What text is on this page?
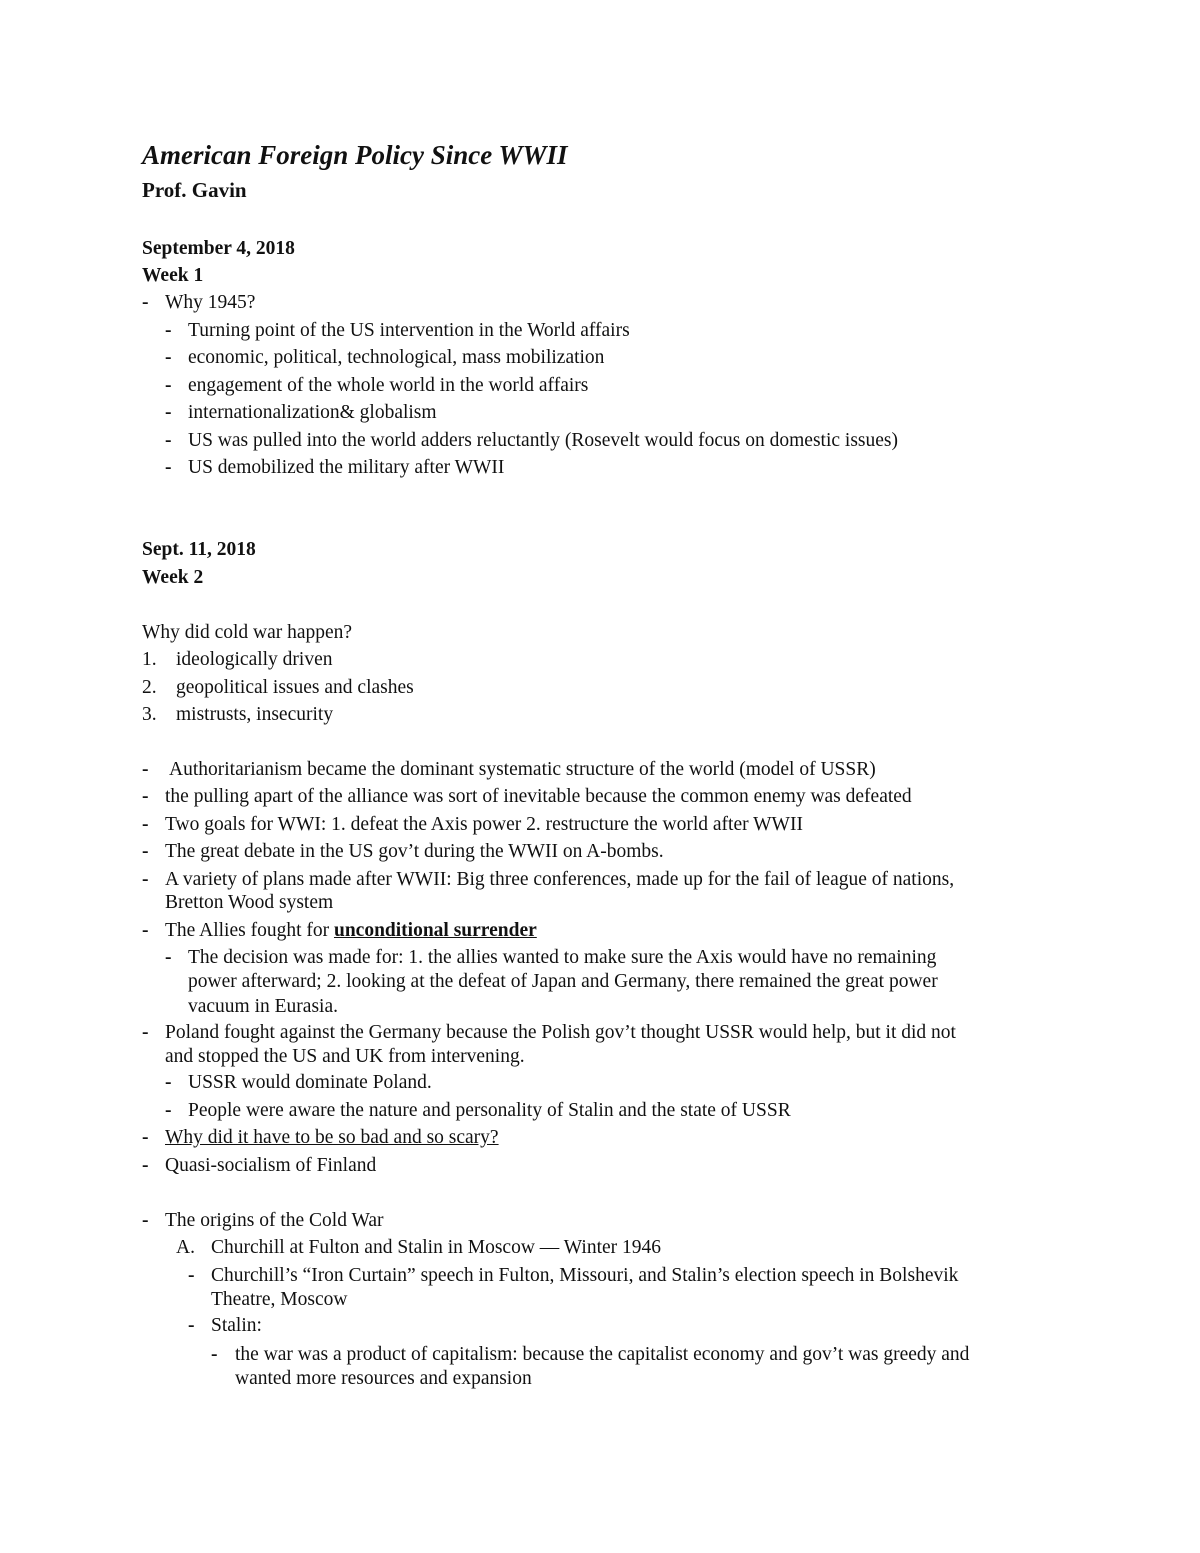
American Foreign Policy Since WWII
Prof. Gavin
September 4, 2018
Week 1
- Why 1945?
- Turning point of the US intervention in the World affairs
- economic, political, technological, mass mobilization
- engagement of the whole world in the world affairs
- internationalization& globalism
- US was pulled into the world adders reluctantly (Rosevelt would focus on domestic issues)
- US demobilized the military after WWII
Sept. 11, 2018
Week 2
Why did cold war happen?
1. ideologically driven
2. geopolitical issues and clashes
3. mistrusts, insecurity
- Authoritarianism became the dominant systematic structure of the world (model of USSR)
- the pulling apart of the alliance was sort of inevitable because the common enemy was defeated
- Two goals for WWI: 1. defeat the Axis power 2. restructure the world after WWII
- The great debate in the US gov’t during the WWII on A-bombs.
- A variety of plans made after WWII: Big three conferences, made up for the fail of league of nations,
Bretton Wood system
- The Allies fought for unconditional surrender
- The decision was made for: 1. the allies wanted to make sure the Axis would have no remaining
power afterward; 2. looking at the defeat of Japan and Germany, there remained the great power
vacuum in Eurasia.
- Poland fought against the Germany because the Polish gov’t thought USSR would help, but it did not
and stopped the US and UK from intervening.
- USSR would dominate Poland.
- People were aware the nature and personality of Stalin and the state of USSR
- Why did it have to be so bad and so scary?
- Quasi-socialism of Finland
- The origins of the Cold War
A. Churchill at Fulton and Stalin in Moscow — Winter 1946
- Churchill’s “Iron Curtain” speech in Fulton, Missouri, and Stalin’s election speech in Bolshevik
Theatre, Moscow
- Stalin:
- the war was a product of capitalism: because the capitalist economy and gov’t was greedy and
wanted more resources and expansion
